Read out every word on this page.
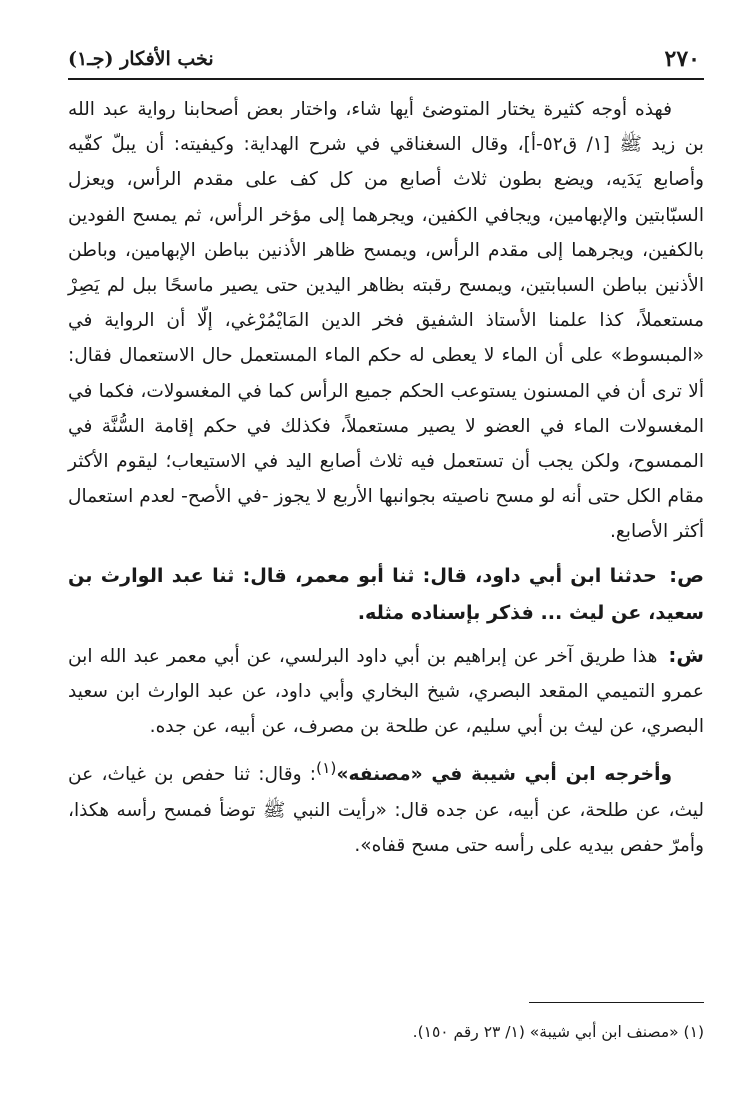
٢٧٠
نخب الأفكار (جـ١)

فهذه أوجه كثيرة يختار المتوضئ أيها شاء، واختار بعض أصحابنا رواية عبد الله بن زيد ﷺ [١/ ق٥٢-أ]، وقال السغناقي في شرح الهداية: وكيفيته: أن يبلّ كفّيه وأصابع يَدَيه، ويضع بطون ثلاث أصابع من كل كف على مقدم الرأس، ويعزل السبّابتين والإبهامين، ويجافي الكفين، ويجرهما إلى مؤخر الرأس، ثم يمسح الفودين بالكفين، ويجرهما إلى مقدم الرأس، ويمسح ظاهر الأذنين بباطن الإبهامين، وباطن الأذنين بباطن السبابتين، ويمسح رقبته بظاهر اليدين حتى يصير ماسحًا ببل لم يَصِرْ مستعملاً، كذا علمنا الأستاذ الشفيق فخر الدين المَايْمُرْغي، إلّا أن الرواية في «المبسوط» على أن الماء لا يعطى له حكم الماء المستعمل حال الاستعمال فقال: ألا ترى أن في المسنون يستوعب الحكم جميع الرأس كما في المغسولات، فكما في المغسولات الماء في العضو لا يصير مستعملاً، فكذلك في حكم إقامة السُّنَّة في الممسوح، ولكن يجب أن تستعمل فيه ثلاث أصابع اليد في الاستيعاب؛ ليقوم الأكثر مقام الكل حتى أنه لو مسح ناصيته بجوانبها الأربع لا يجوز -في الأصح- لعدم استعمال أكثر الأصابع.

ص: حدثنا ابن أبي داود، قال: ثنا أبو معمر، قال: ثنا عبد الوارث بن سعيد، عن ليث ... فذكر بإسناده مثله.

ش: هذا طريق آخر عن إبراهيم بن أبي داود البرلسي، عن أبي معمر عبد الله ابن عمرو التميمي المقعد البصري، شيخ البخاري وأبي داود، عن عبد الوارث ابن سعيد البصري، عن ليث بن أبي سليم، عن طلحة بن مصرف، عن أبيه، عن جده.

وأخرجه ابن أبي شيبة في «مصنفه»$^{(١)}$: وقال: ثنا حفص بن غياث، عن ليث، عن طلحة، عن أبيه، عن جده قال: «رأيت النبي ﷺ توضأ فمسح رأسه هكذا، وأمرّ حفص بيديه على رأسه حتى مسح قفاه».

(١) «مصنف ابن أبي شيبة» (١/ ٢٣ رقم ١٥٠).
